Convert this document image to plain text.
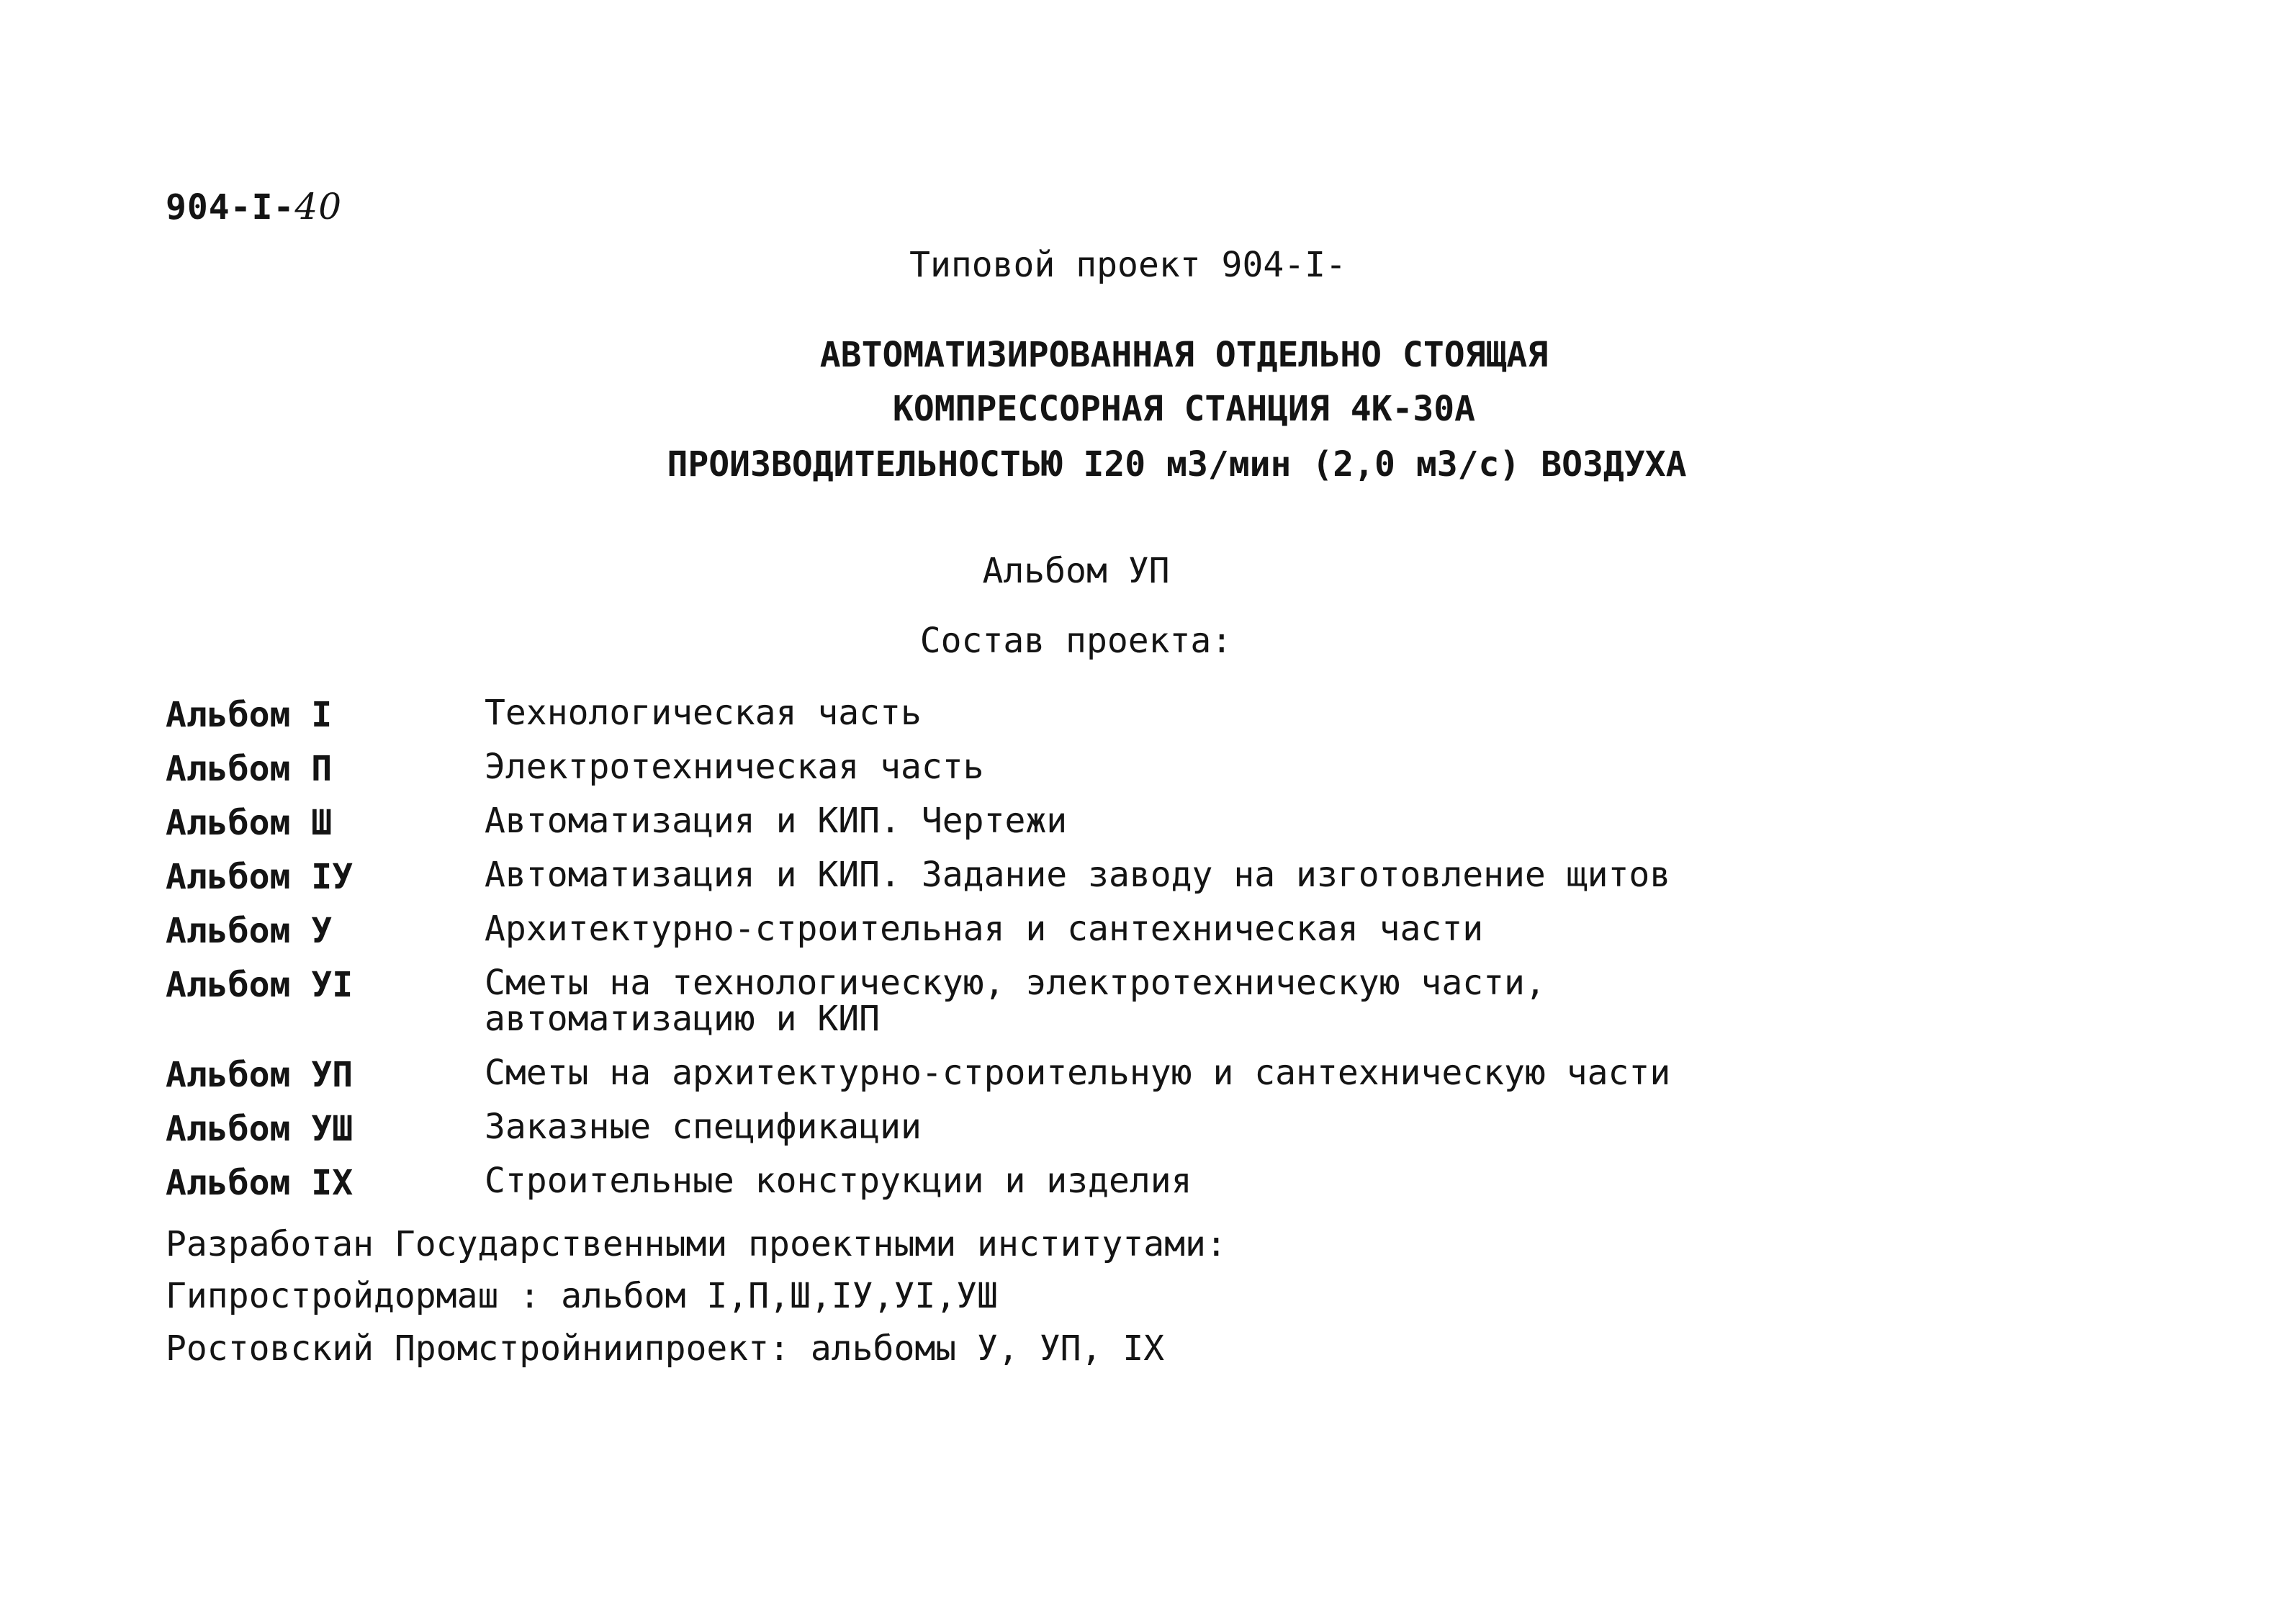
904-I-40
Типовой проект 904-I-
АВТОМАТИЗИРОВАННАЯ ОТДЕЛЬНО СТОЯЩАЯ
КОМПРЕССОРНАЯ СТАНЦИЯ 4К-30А
ПРОИЗВОДИТЕЛЬНОСТЬЮ I20 м3/мин (2,0 м3/с) ВОЗДУХА
Альбом УП
Состав проекта:
Альбом I	Технологическая часть
Альбом П	Электротехническая часть
Альбом Ш	Автоматизация и КИП. Чертежи
Альбом IУ	Автоматизация и КИП. Задание заводу на изготовление щитов
Альбом У	Архитектурно-строительная и сантехническая части
Альбом УI	Сметы на технологическую, электротехническую части,
автоматизацию и КИП
Альбом УП	Сметы на архитектурно-строительную и сантехническую части
Альбом УШ	Заказные спецификации
Альбом IX	Строительные конструкции и изделия
Разработан Государственными проектными институтами:
Гипростройдормаш : альбом I,П,Ш,IУ,УI,УШ
Ростовский Промстройниипроект: альбомы У, УП, IX
